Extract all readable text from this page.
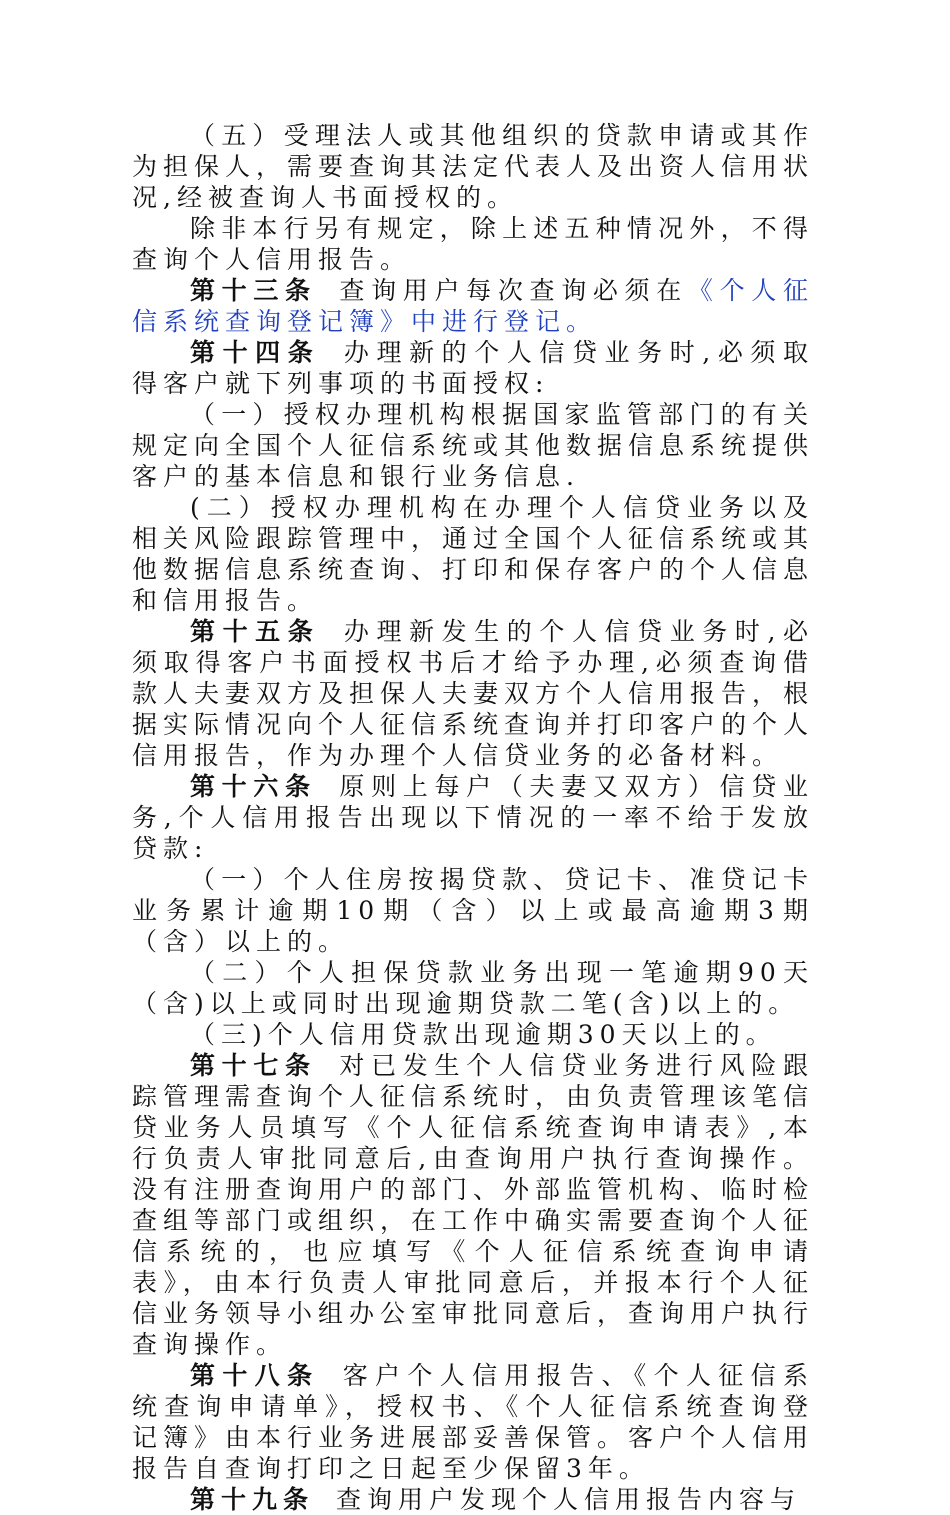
（五）受理法人或其他组织的贷款申请或其作为担保人，需要查询其法定代表人及出资人信用状况,经被查询人书面授权的。

除非本行另有规定，除上述五种情况外，不得查询个人信用报告。

第十三条 查询用户每次查询必须在《个人征信系统查询登记簿》中进行登记。

第十四条 办理新的个人信贷业务时,必须取得客户就下列事项的书面授权:

（一）授权办理机构根据国家监管部门的有关规定向全国个人征信系统或其他数据信息系统提供客户的基本信息和银行业务信息.

(二）授权办理机构在办理个人信贷业务以及相关风险跟踪管理中，通过全国个人征信系统或其他数据信息系统查询、打印和保存客户的个人信息和信用报告。

第十五条 办理新发生的个人信贷业务时,必须取得客户书面授权书后才给予办理,必须查询借款人夫妻双方及担保人夫妻双方个人信用报告，根据实际情况向个人征信系统查询并打印客户的个人信用报告，作为办理个人信贷业务的必备材料。

第十六条 原则上每户（夫妻又双方）信贷业务,个人信用报告出现以下情况的一率不给于发放贷款:

（一）个人住房按揭贷款、贷记卡、准贷记卡业务累计逾期10期（含）以上或最高逾期3期（含）以上的。

（二）个人担保贷款业务出现一笔逾期90天（含)以上或同时出现逾期贷款二笔(含)以上的。

（三)个人信用贷款出现逾期30天以上的。

第十七条 对已发生个人信贷业务进行风险跟踪管理需查询个人征信系统时，由负责管理该笔信贷业务人员填写《个人征信系统查询申请表》,本行负责人审批同意后,由查询用户执行查询操作。没有注册查询用户的部门、外部监管机构、临时检查组等部门或组织，在工作中确实需要查询个人征信系统的，也应填写《个人征信系统查询申请表》，由本行负责人审批同意后，并报本行个人征信业务领导小组办公室审批同意后，查询用户执行查询操作。

第十八条 客户个人信用报告、《个人征信系统查询申请单》，授权书、《个人征信系统查询登记簿》由本行业务进展部妥善保管。客户个人信用报告自查询打印之日起至少保留3年。

第十九条 查询用户发现个人信用报告内容与
